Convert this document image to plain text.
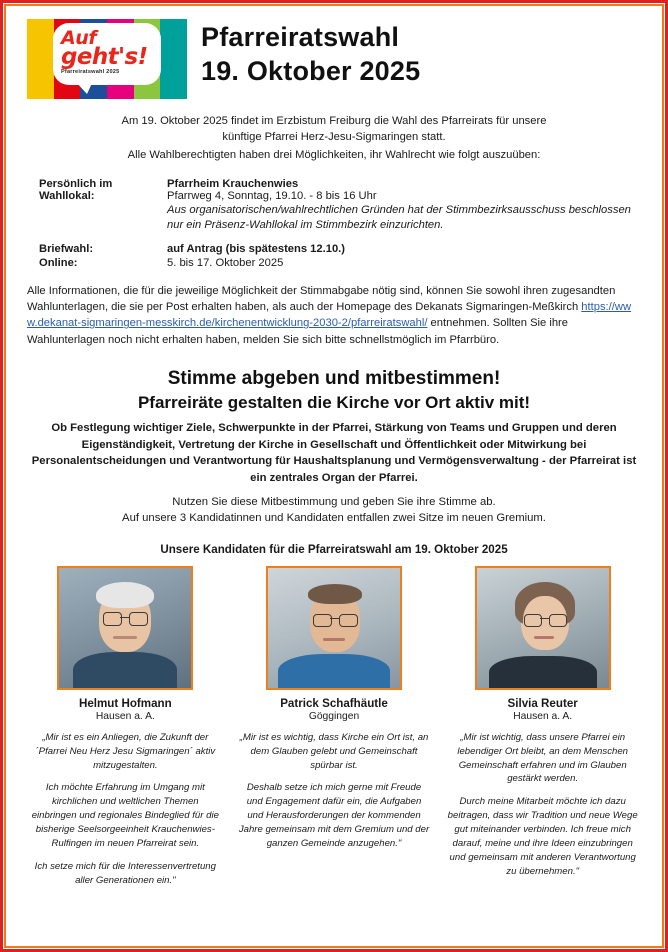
Auf
geht's!
Pfarreiratswahl 2025
Pfarreiratswahl
19. Oktober 2025
Am 19. Oktober 2025 findet im Erzbistum Freiburg die Wahl des Pfarreirats für unsere
künftige Pfarrei Herz-Jesu-Sigmaringen statt.
Alle Wahlberechtigten haben drei Möglichkeiten, ihr Wahlrecht wie folgt auszuüben:
Persönlich im Wahllokal:
Pfarrheim Krauchenwies
Pfarrweg 4, Sonntag, 19.10. - 8 bis 16 Uhr
Aus organisatorischen/wahlrechtlichen Gründen hat der Stimmbezirksausschuss beschlossen nur ein Präsenz-Wahllokal im Stimmbezirk einzurichten.
Briefwahl:	auf Antrag (bis spätestens 12.10.)
Online:	5. bis 17. Oktober 2025
Alle Informationen, die für die jeweilige Möglichkeit der Stimmabgabe nötig sind, können Sie sowohl ihren zugesandten Wahlunterlagen, die sie per Post erhalten haben, als auch der Homepage des Dekanats Sigmaringen-Meßkirch https://www.dekanat-sigmaringen-messkirch.de/kirchenentwicklung-2030-2/pfarreiratswahl/ entnehmen. Sollten Sie ihre Wahlunterlagen noch nicht erhalten haben, melden Sie sich bitte schnellstmöglich im Pfarrbüro.
Stimme abgeben und mitbestimmen!
Pfarreiräte gestalten die Kirche vor Ort aktiv mit!
Ob Festlegung wichtiger Ziele, Schwerpunkte in der Pfarrei, Stärkung von Teams und Gruppen und deren Eigenständigkeit, Vertretung der Kirche in Gesellschaft und Öffentlichkeit oder Mitwirkung bei Personalentscheidungen und Verantwortung für Haushaltsplanung und Vermögensverwaltung - der Pfarreirat ist ein zentrales Organ der Pfarrei.
Nutzen Sie diese Mitbestimmung und geben Sie ihre Stimme ab.
Auf unsere 3 Kandidatinnen und Kandidaten entfallen zwei Sitze im neuen Gremium.
Unsere Kandidaten für die Pfarreiratswahl am 19. Oktober 2025
Helmut Hofmann
Hausen a. A.

„Mir ist es ein Anliegen, die Zukunft der ´Pfarrei Neu Herz Jesu Sigmaringen´ aktiv mitzugestalten.

Ich möchte Erfahrung im Umgang mit kirchlichen und weltlichen Themen einbringen und regionales Bindeglied für die bisherige Seelsorgeeinheit Krauchenwies-Rulfingen im neuen Pfarreirat sein.

Ich setze mich für die Interessenvertretung aller Generationen ein."

Patrick Schafhäutle
Göggingen

„Mir ist es wichtig, dass Kirche ein Ort ist, an dem Glauben gelebt und Gemeinschaft spürbar ist.

Deshalb setze ich mich gerne mit Freude und Engagement dafür ein, die Aufgaben und Herausforderungen der kommenden Jahre gemeinsam mit dem Gremium und der ganzen Gemeinde anzugehen."

Silvia Reuter
Hausen a. A.

„Mir ist wichtig, dass unsere Pfarrei ein lebendiger Ort bleibt, an dem Menschen Gemeinschaft erfahren und im Glauben gestärkt werden.

Durch meine Mitarbeit möchte ich dazu beitragen, dass wir Tradition und neue Wege gut miteinander verbinden. Ich freue mich darauf, meine und ihre Ideen einzubringen und gemeinsam mit anderen Verantwortung zu übernehmen."
